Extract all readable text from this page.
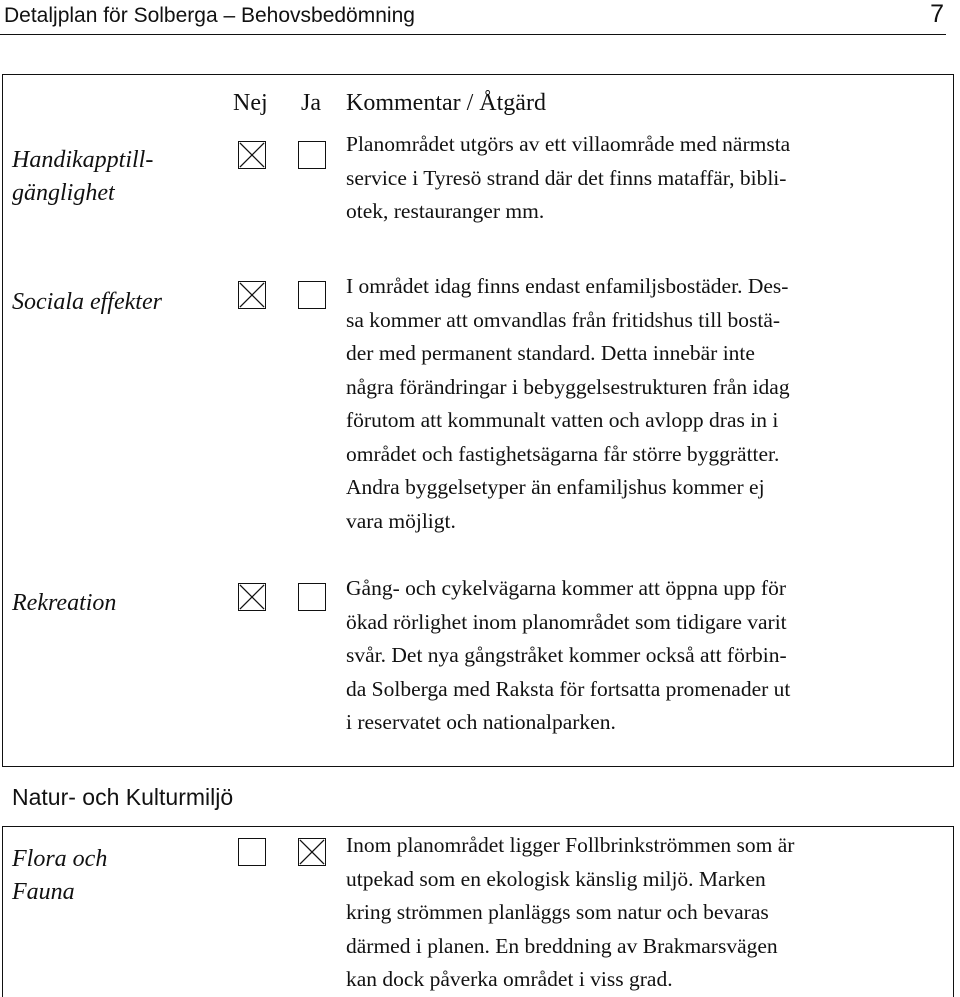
Detaljplan för Solberga – Behovsbedömning	7
Nej Ja Kommentar / Åtgärd
Handikapptill-
gänglighet
Planområdet utgörs av ett villaområde med närmsta
service i Tyresö strand där det finns mataffär, bibli-
otek, restauranger mm.
Sociala effekter
I området idag finns endast enfamiljsbostäder. Des-
sa kommer att omvandlas från fritidshus till bostä-
der med permanent standard. Detta innebär inte
några förändringar i bebyggelsestrukturen från idag
förutom att kommunalt vatten och avlopp dras in i
området och fastighetsägarna får större byggrätter.
Andra byggelsetyper än enfamiljshus kommer ej
vara möjligt.
Rekreation
Gång- och cykelvägarna kommer att öppna upp för
ökad rörlighet inom planområdet som tidigare varit
svår. Det nya gångstråket kommer också att förbin-
da Solberga med Raksta för fortsatta promenader ut
i reservatet och nationalparken.
Natur- och Kulturmiljö
Flora och
Fauna
Inom planområdet ligger Follbrinkströmmen som är
utpekad som en ekologisk känslig miljö. Marken
kring strömmen planläggs som natur och bevaras
därmed i planen. En breddning av Brakmarsvägen
kan dock påverka området i viss grad.
